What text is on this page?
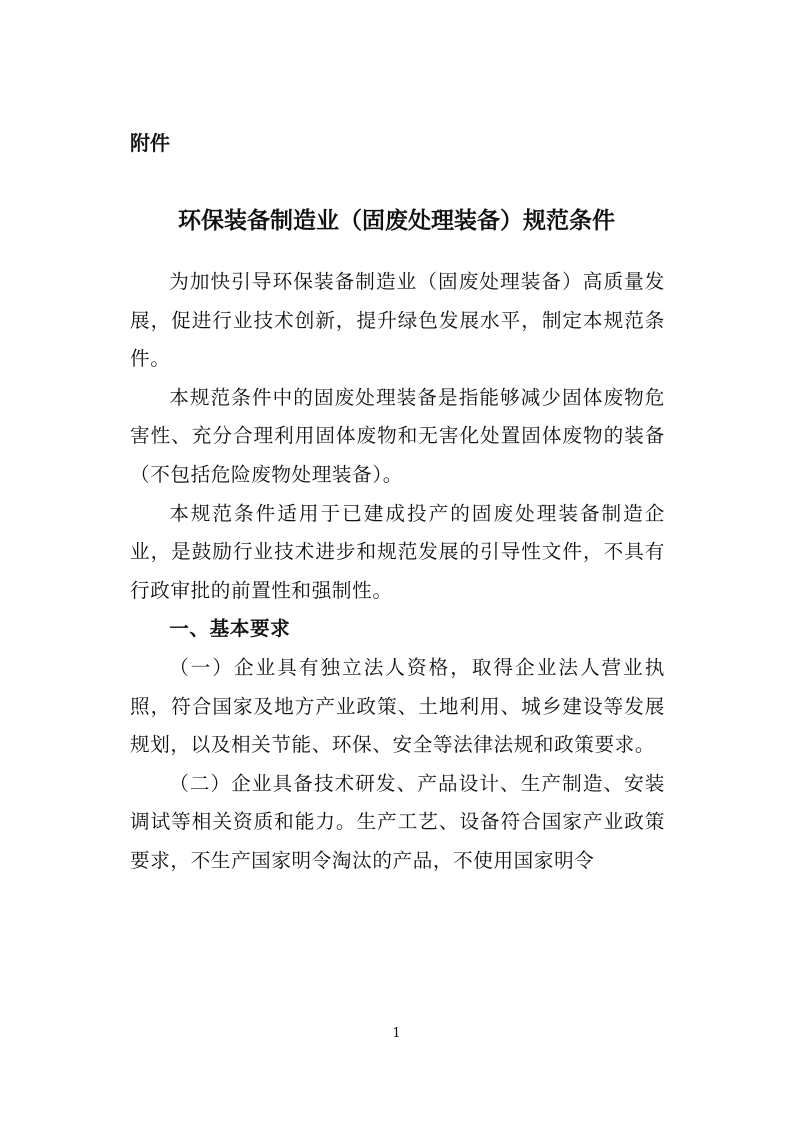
附件
环保装备制造业（固废处理装备）规范条件

为加快引导环保装备制造业（固废处理装备）高质量发展，促进行业技术创新，提升绿色发展水平，制定本规范条件。

本规范条件中的固废处理装备是指能够减少固体废物危害性、充分合理利用固体废物和无害化处置固体废物的装备（不包括危险废物处理装备）。

本规范条件适用于已建成投产的固废处理装备制造企业，是鼓励行业技术进步和规范发展的引导性文件，不具有行政审批的前置性和强制性。

一、基本要求

（一）企业具有独立法人资格，取得企业法人营业执照，符合国家及地方产业政策、土地利用、城乡建设等发展规划，以及相关节能、环保、安全等法律法规和政策要求。

（二）企业具备技术研发、产品设计、生产制造、安装调试等相关资质和能力。生产工艺、设备符合国家产业政策要求，不生产国家明令淘汰的产品，不使用国家明令

1
